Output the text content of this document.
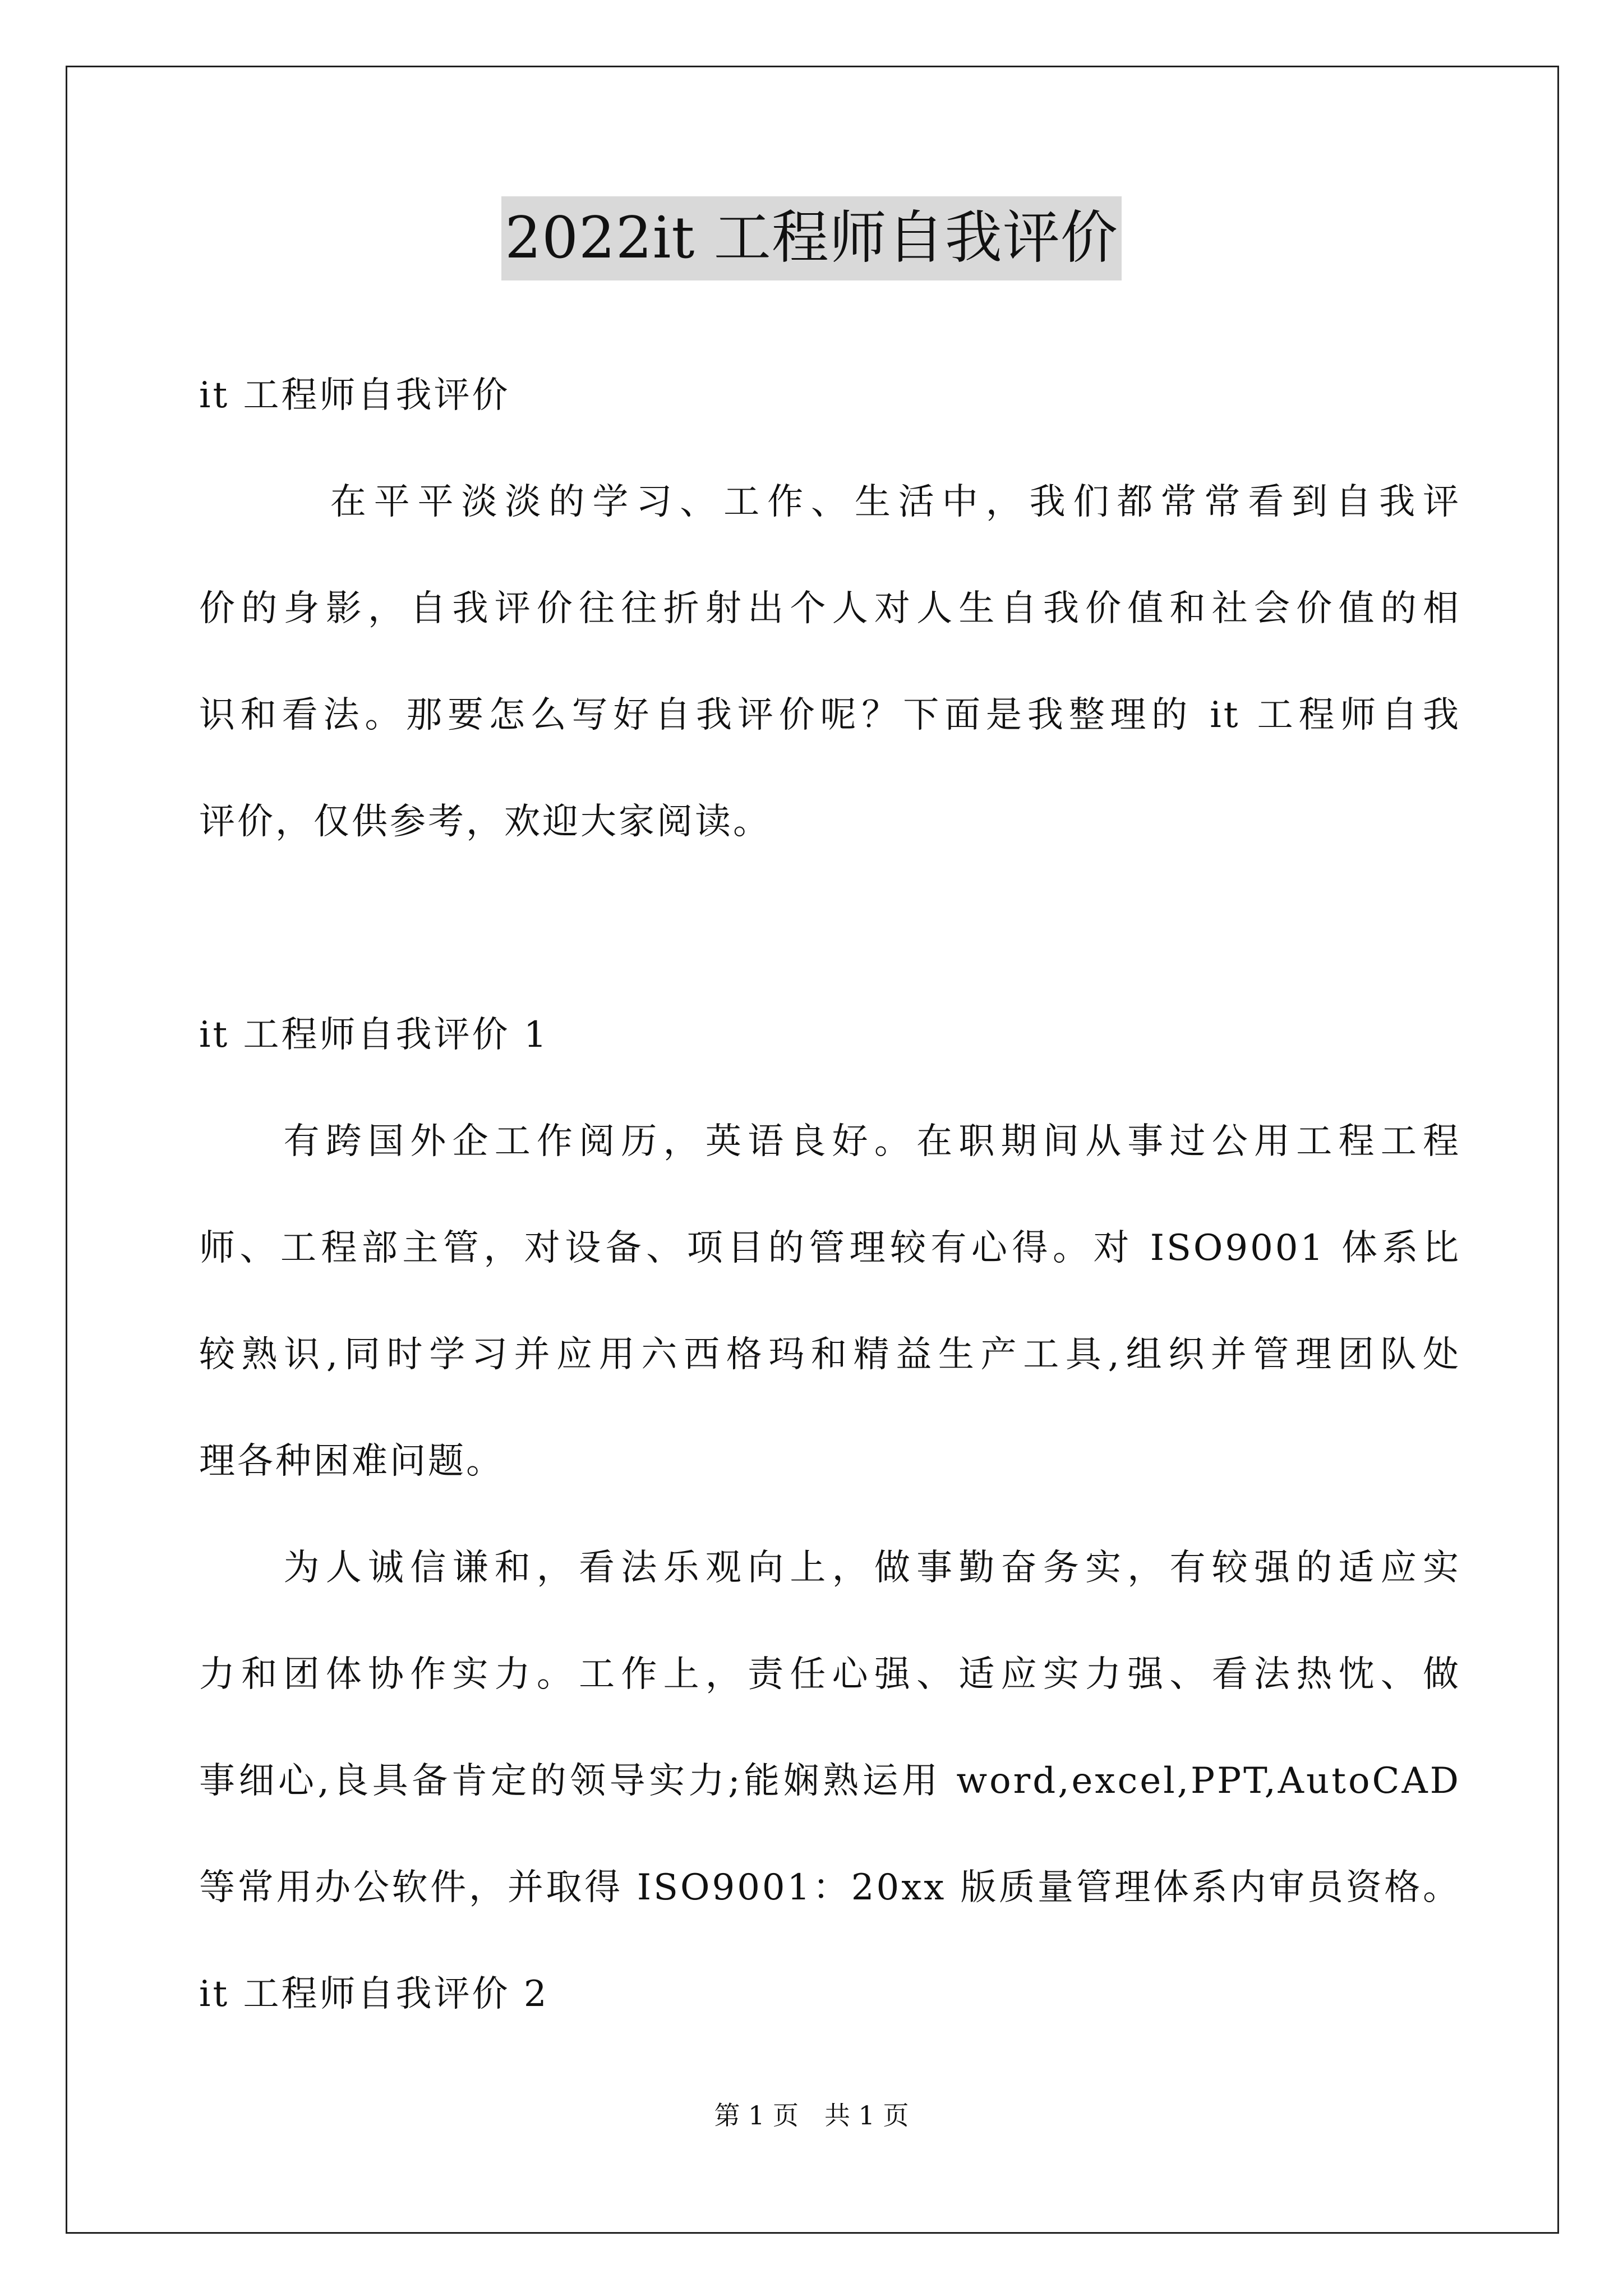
2022it 工程师自我评价

it 工程师自我评价

　　　在平平淡淡的学习、工作、生活中，我们都常常看到自我评

价的身影，自我评价往往折射出个人对人生自我价值和社会价值的相

识和看法。那要怎么写好自我评价呢？下面是我整理的 it 工程师自我

评价，仅供参考，欢迎大家阅读。

it 工程师自我评价 1

　　有跨国外企工作阅历，英语良好。在职期间从事过公用工程工程

师、工程部主管，对设备、项目的管理较有心得。对 ISO9001 体系比

较熟识,同时学习并应用六西格玛和精益生产工具,组织并管理团队处

理各种困难问题。

　　为人诚信谦和，看法乐观向上，做事勤奋务实，有较强的适应实

力和团体协作实力。工作上，责任心强、适应实力强、看法热忱、做

事细心,良具备肯定的领导实力;能娴熟运用 word,excel,PPT,AutoCAD

等常用办公软件，并取得 ISO9001：20xx 版质量管理体系内审员资格。

it 工程师自我评价 2

第 1 页　共 1 页
